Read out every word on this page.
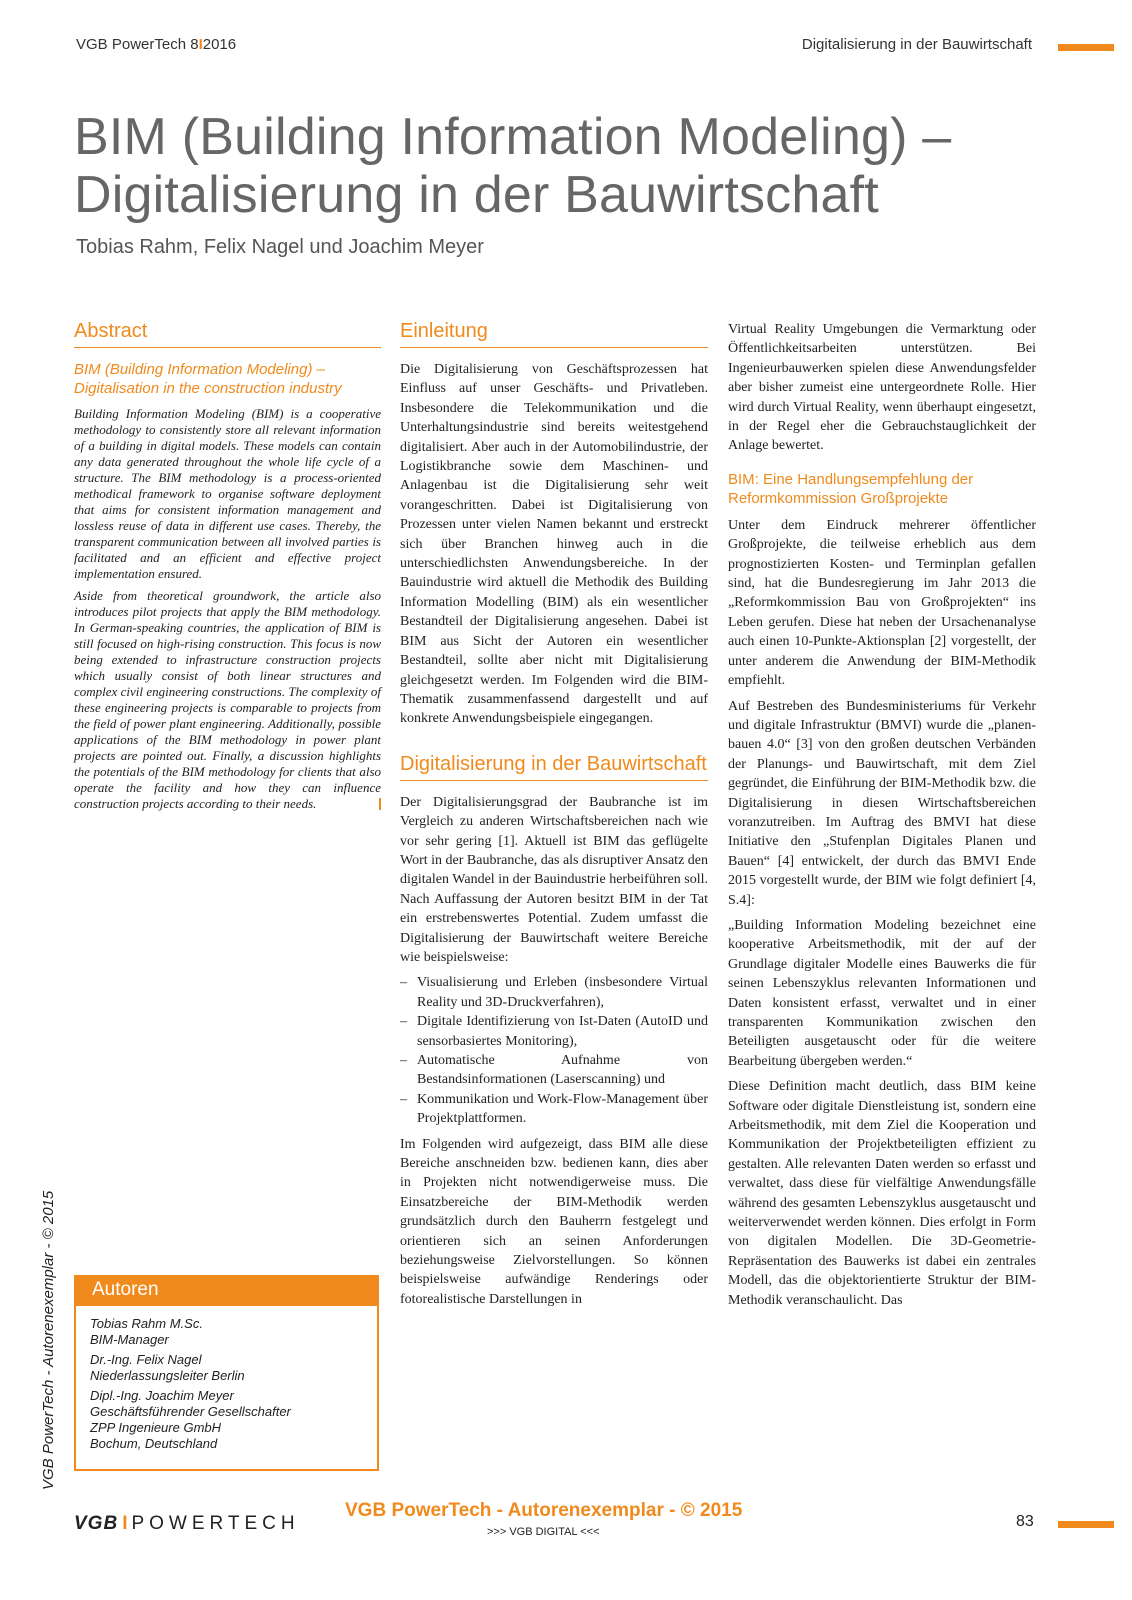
VGB PowerTech 8I2016	Digitalisierung in der Bauwirtschaft
BIM (Building Information Modeling) –
Digitalisierung in der Bauwirtschaft
Tobias Rahm, Felix Nagel und Joachim Meyer
Abstract
BIM (Building Information Modeling) – Digitalisation in the construction industry

Building Information Modeling (BIM) is a cooperative methodology to consistently store all relevant information of a building in digital models. These models can contain any data generated throughout the whole life cycle of a structure. The BIM methodology is a process-oriented methodical framework to organise software deployment that aims for consistent information management and lossless reuse of data in different use cases. Thereby, the transparent communication between all involved parties is facilitated and an efficient and effective project implementation ensured.

Aside from theoretical groundwork, the article also introduces pilot projects that apply the BIM methodology. In German-speaking countries, the application of BIM is still focused on high-rising construction. This focus is now being extended to infrastructure construction projects which usually consist of both linear structures and complex civil engineering constructions. The complexity of these engineering projects is comparable to projects from the field of power plant engineering. Additionally, possible applications of the BIM methodology in power plant projects are pointed out. Finally, a discussion highlights the potentials of the BIM methodology for clients that also operate the facility and how they can influence construction projects according to their needs.

Autoren
Tobias Rahm M.Sc.
BIM-Manager
Dr.-Ing. Felix Nagel
Niederlassungsleiter Berlin
Dipl.-Ing. Joachim Meyer
Geschäftsführender Gesellschafter
ZPP Ingenieure GmbH
Bochum, Deutschland
VGB PowerTech - Autorenexemplar - © 2015
Einleitung

Die Digitalisierung von Geschäftsprozessen hat Einfluss auf unser Geschäfts- und Privatleben. Insbesondere die Telekommunikation und die Unterhaltungsindustrie sind bereits weitestgehend digitalisiert. Aber auch in der Automobilindustrie, der Logistikbranche sowie dem Maschinen- und Anlagenbau ist die Digitalisierung sehr weit vorangeschritten. Dabei ist Digitalisierung von Prozessen unter vielen Namen bekannt und erstreckt sich über Branchen hinweg auch in die unterschiedlichsten Anwendungsbereiche. In der Bauindustrie wird aktuell die Methodik des Building Information Modelling (BIM) als ein wesentlicher Bestandteil der Digitalisierung angesehen. Dabei ist BIM aus Sicht der Autoren ein wesentlicher Bestandteil, sollte aber nicht mit Digitalisierung gleichgesetzt werden. Im Folgenden wird die BIM-Thematik zusammenfassend dargestellt und auf konkrete Anwendungsbeispiele eingegangen.

Digitalisierung in der Bauwirtschaft

Der Digitalisierungsgrad der Baubranche ist im Vergleich zu anderen Wirtschaftsbereichen nach wie vor sehr gering [1]. Aktuell ist BIM das geflügelte Wort in der Baubranche, das als disruptiver Ansatz den digitalen Wandel in der Bauindustrie herbeiführen soll. Nach Auffassung der Autoren besitzt BIM in der Tat ein erstrebenswertes Potential. Zudem umfasst die Digitalisierung der Bauwirtschaft weitere Bereiche wie beispielsweise:

– Visualisierung und Erleben (insbesondere Virtual Reality und 3D-Druckverfahren),
– Digitale Identifizierung von Ist-Daten (AutoID und sensorbasiertes Monitoring),
– Automatische Aufnahme von Bestandsinformationen (Laserscanning) und
– Kommunikation und Work-Flow-Management über Projektplattformen.

Im Folgenden wird aufgezeigt, dass BIM alle diese Bereiche anschneiden bzw. bedienen kann, dies aber in Projekten nicht notwendigerweise muss. Die Einsatzbereiche der BIM-Methodik werden grundsätzlich durch den Bauherrn festgelegt und orientieren sich an seinen Anforderungen beziehungsweise Zielvorstellungen. So können beispielsweise aufwändige Renderings oder fotorealistische Darstellungen in

Virtual Reality Umgebungen die Vermarktung oder Öffentlichkeitsarbeiten unterstützen. Bei Ingenieurbauwerken spielen diese Anwendungsfelder aber bisher zumeist eine untergeordnete Rolle. Hier wird durch Virtual Reality, wenn überhaupt eingesetzt, in der Regel eher die Gebrauchstauglichkeit der Anlage bewertet.

BIM: Eine Handlungsempfehlung der Reformkommission Großprojekte

Unter dem Eindruck mehrerer öffentlicher Großprojekte, die teilweise erheblich aus dem prognostizierten Kosten- und Terminplan gefallen sind, hat die Bundesregierung im Jahr 2013 die „Reformkommission Bau von Großprojekten“ ins Leben gerufen. Diese hat neben der Ursachenanalyse auch einen 10-Punkte-Aktionsplan [2] vorgestellt, der unter anderem die Anwendung der BIM-Methodik empfiehlt.

Auf Bestreben des Bundesministeriums für Verkehr und digitale Infrastruktur (BMVI) wurde die „planen-bauen 4.0“ [3] von den großen deutschen Verbänden der Planungs- und Bauwirtschaft, mit dem Ziel gegründet, die Einführung der BIM-Methodik bzw. die Digitalisierung in diesen Wirtschaftsbereichen voranzutreiben. Im Auftrag des BMVI hat diese Initiative den „Stufenplan Digitales Planen und Bauen“ [4] entwickelt, der durch das BMVI Ende 2015 vorgestellt wurde, der BIM wie folgt definiert [4, S.4]:

„Building Information Modeling bezeichnet eine kooperative Arbeitsmethodik, mit der auf der Grundlage digitaler Modelle eines Bauwerks die für seinen Lebenszyklus relevanten Informationen und Daten konsistent erfasst, verwaltet und in einer transparenten Kommunikation zwischen den Beteiligten ausgetauscht oder für die weitere Bearbeitung übergeben werden.“

Diese Definition macht deutlich, dass BIM keine Software oder digitale Dienstleistung ist, sondern eine Arbeitsmethodik, mit dem Ziel die Kooperation und Kommunikation der Projektbeteiligten effizient zu gestalten. Alle relevanten Daten werden so erfasst und verwaltet, dass diese für vielfältige Anwendungsfälle während des gesamten Lebenszyklus ausgetauscht und weiterverwendet werden können. Dies erfolgt in Form von digitalen Modellen. Die 3D-Geometrie-Repräsentation des Bauwerks ist dabei ein zentrales Modell, das die objektorientierte Struktur der BIM-Methodik veranschaulicht. Das

VGB I POWERTECH
VGB PowerTech - Autorenexemplar - © 2015
>>> VGB DIGITAL <<<
83
